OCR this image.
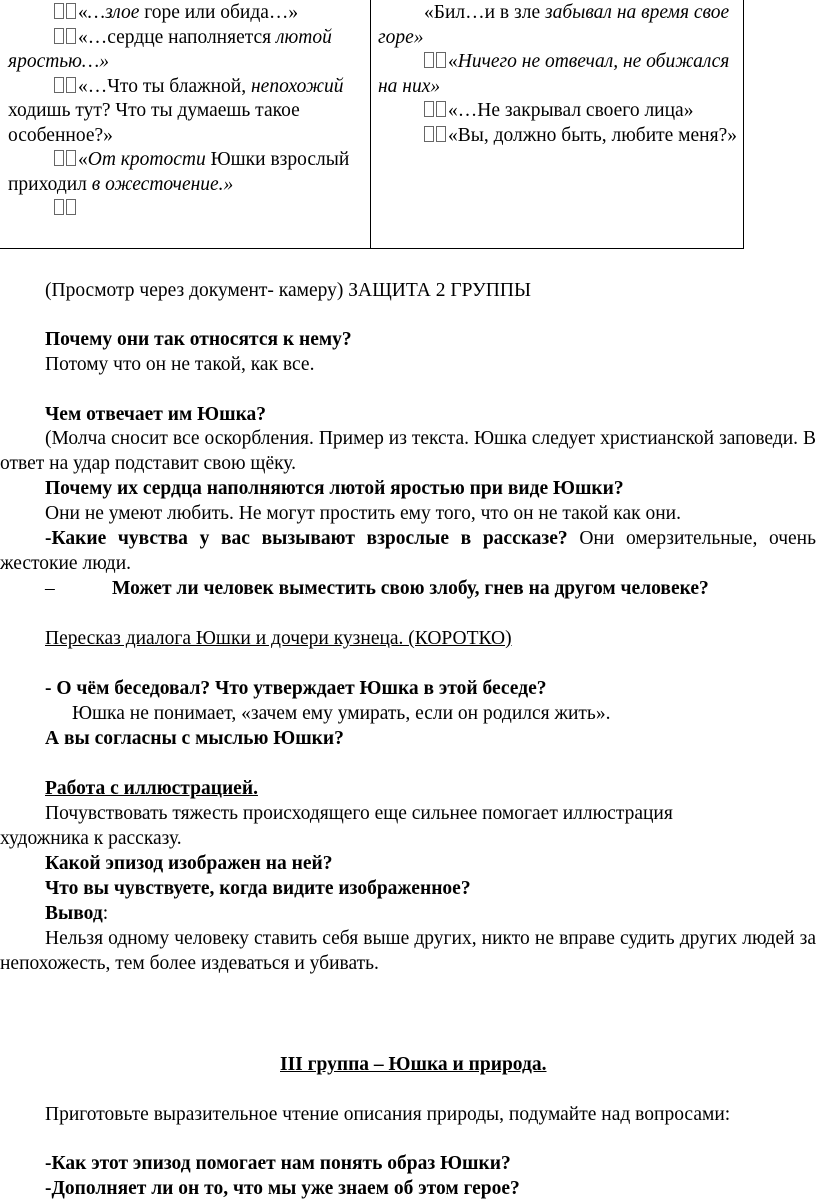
«…злое горе или обида…»

«…сердце наполняется лютой яростью…»

«…Что ты блажной, непохожий ходишь тут? Что ты думаешь такое особенное?»

«От кротости Юшки взрослый приходил в ожесточение.»

«Бил…и в зле забывал на время свое горе»

«Ничего не отвечал, не обижался на них»

«…Не закрывал своего лица»

«Вы, должно быть, любите меня?»

(Просмотр через документ- камеру) ЗАЩИТА 2 ГРУППЫ

Почему они так относятся к нему?

Потому что он не такой, как все.

Чем отвечает им Юшка?

(Молча сносит все оскорбления. Пример из текста. Юшка следует христианской заповеди. В ответ на удар подставит свою щёку.

Почему их сердца наполняются лютой яростью при виде Юшки?

Они не умеют любить. Не могут простить ему того, что он не такой как они.

-Какие чувства у вас вызывают взрослые в рассказе? Они омерзительные, очень жестокие люди.

–	Может ли человек выместить свою злобу, гнев на другом человеке?

Пересказ диалога Юшки и дочери кузнеца. (КОРОТКО)

- О чём беседовал? Что утверждает Юшка в этой беседе?

Юшка не понимает, «зачем ему умирать, если он родился жить».

А вы согласны с мыслью Юшки?

Работа с иллюстрацией.

Почувствовать тяжесть происходящего еще сильнее помогает иллюстрация художника к рассказу.

Какой эпизод изображен на ней?

Что вы чувствуете, когда видите изображенное?

Вывод:

Нельзя одному человеку ставить себя выше других, никто не вправе судить других людей за непохожесть, тем более издеваться и убивать.

III группа – Юшка и природа.

Приготовьте выразительное чтение описания природы, подумайте над вопросами:

-Как этот эпизод помогает нам понять образ Юшки?

-Дополняет ли он то, что мы уже знаем об этом герое?
